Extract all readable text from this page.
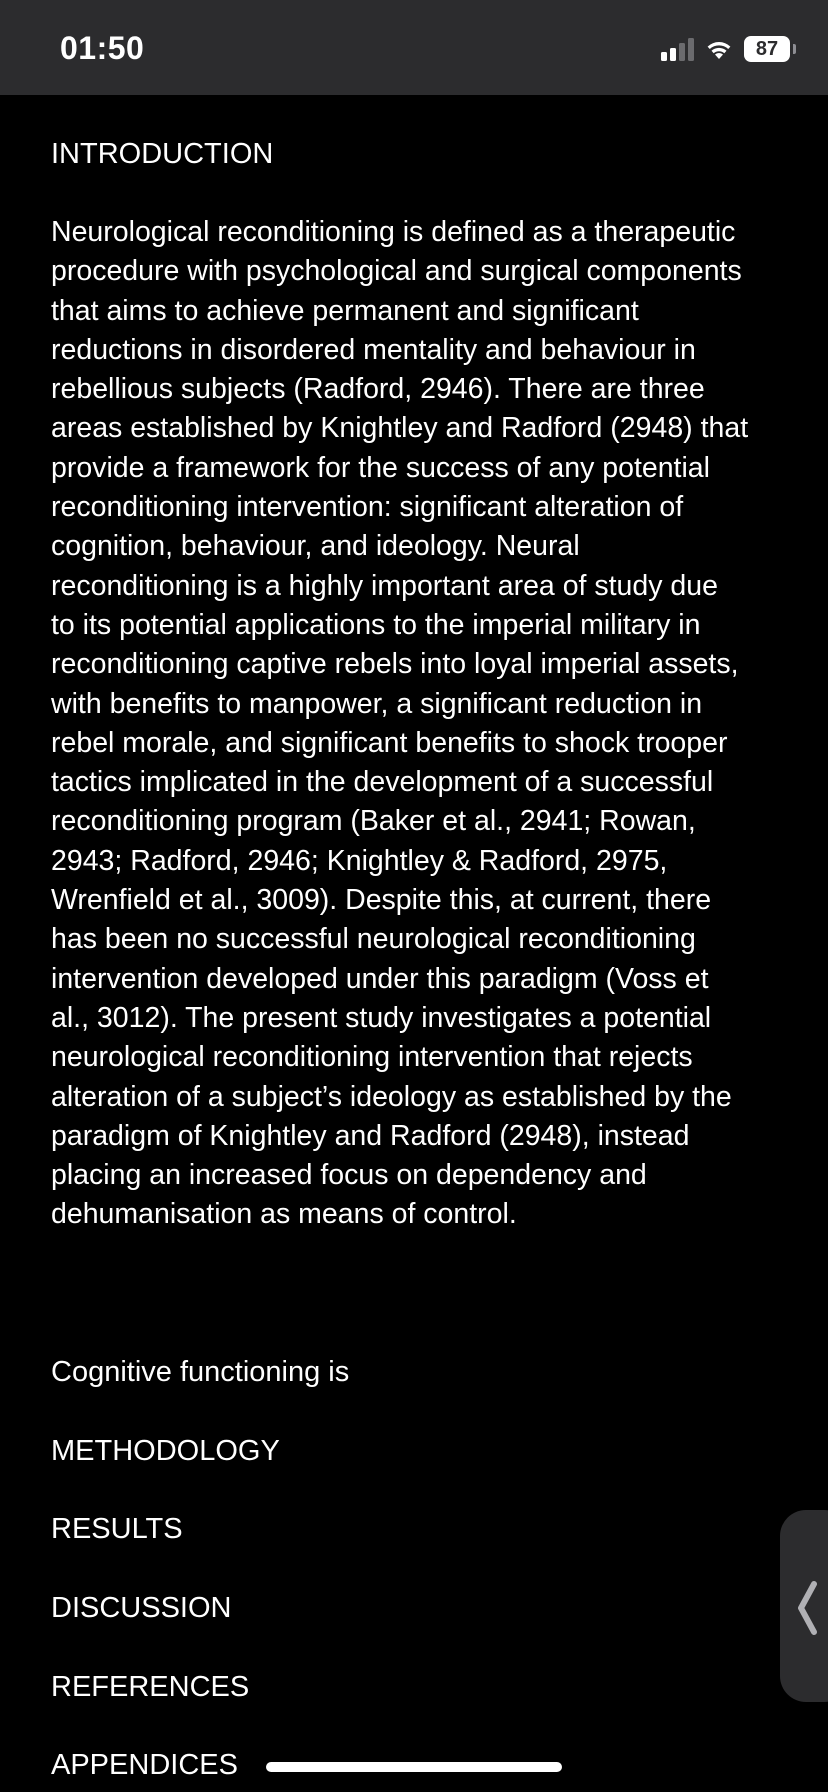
01:50	87
INTRODUCTION
Neurological reconditioning is defined as a therapeutic
procedure with psychological and surgical components
that aims to achieve permanent and significant
reductions in disordered mentality and behaviour in
rebellious subjects (Radford, 2946). There are three
areas established by Knightley and Radford (2948) that
provide a framework for the success of any potential
reconditioning intervention: significant alteration of
cognition, behaviour, and ideology. Neural
reconditioning is a highly important area of study due
to its potential applications to the imperial military in
reconditioning captive rebels into loyal imperial assets,
with benefits to manpower, a significant reduction in
rebel morale, and significant benefits to shock trooper
tactics implicated in the development of a successful
reconditioning program (Baker et al., 2941; Rowan,
2943; Radford, 2946; Knightley & Radford, 2975,
Wrenfield et al., 3009). Despite this, at current, there
has been no successful neurological reconditioning
intervention developed under this paradigm (Voss et
al., 3012). The present study investigates a potential
neurological reconditioning intervention that rejects
alteration of a subject’s ideology as established by the
paradigm of Knightley and Radford (2948), instead
placing an increased focus on dependency and
dehumanisation as means of control.
Cognitive functioning is
METHODOLOGY
RESULTS
DISCUSSION
REFERENCES
APPENDICES
